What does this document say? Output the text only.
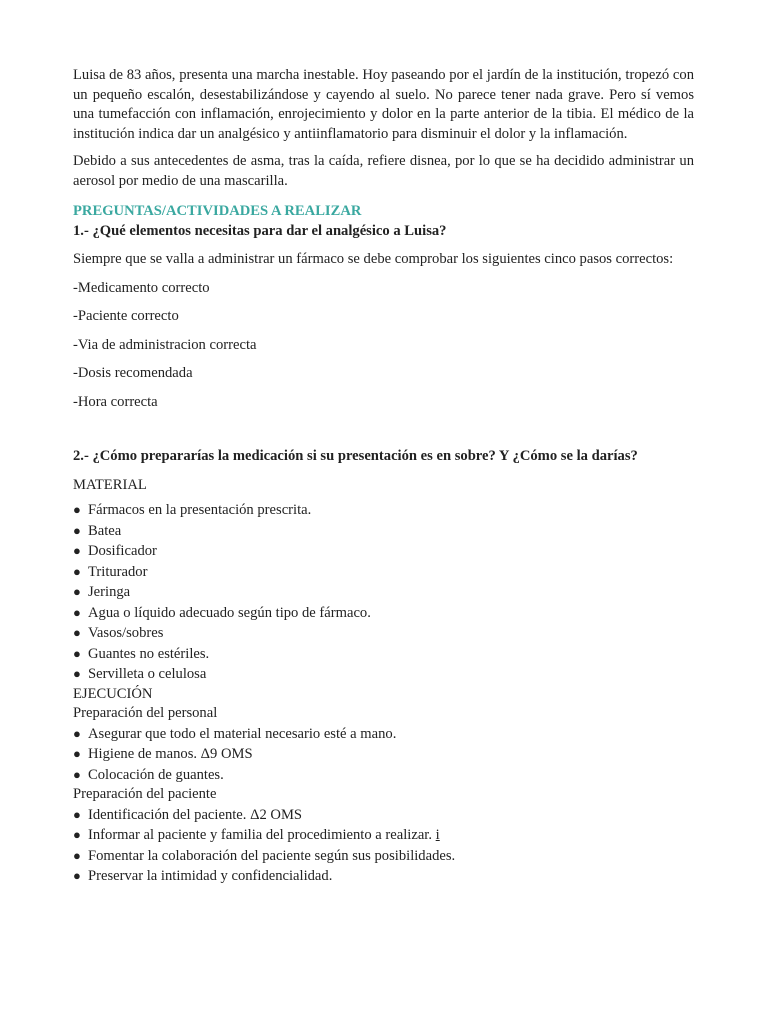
Luisa de 83 años, presenta una marcha inestable. Hoy paseando por el jardín de la institución, tropezó con un pequeño escalón, desestabilizándose y cayendo al suelo. No parece tener nada grave. Pero sí vemos una tumefacción con inflamación, enrojecimiento y dolor en la parte anterior de la tibia. El médico de la institución indica dar un analgésico y antiinflamatorio para disminuir el dolor y la inflamación.

Debido a sus antecedentes de asma, tras la caída, refiere disnea, por lo que se ha decidido administrar un aerosol por medio de una mascarilla.

PREGUNTAS/ACTIVIDADES A REALIZAR

1.- ¿Qué elementos necesitas para dar el analgésico a Luisa?

Siempre que se valla a administrar un fármaco se debe comprobar los siguientes cinco pasos correctos:

-Medicamento correcto

-Paciente correcto

-Via de administracion correcta

-Dosis recomendada

-Hora correcta

2.- ¿Cómo prepararías la medicación si su presentación es en sobre? Y ¿Cómo se la darías?

MATERIAL

● Fármacos en la presentación prescrita.
● Batea
● Dosificador
● Triturador
● Jeringa
● Agua o líquido adecuado según tipo de fármaco.
● Vasos/sobres
● Guantes no estériles.
● Servilleta o celulosa

EJECUCIÓN

Preparación del personal

● Asegurar que todo el material necesario esté a mano.
● Higiene de manos. Δ9 OMS
● Colocación de guantes.

Preparación del paciente

● Identificación del paciente. Δ2 OMS
● Informar al paciente y familia del procedimiento a realizar. i
● Fomentar la colaboración del paciente según sus posibilidades.
● Preservar la intimidad y confidencialidad.
